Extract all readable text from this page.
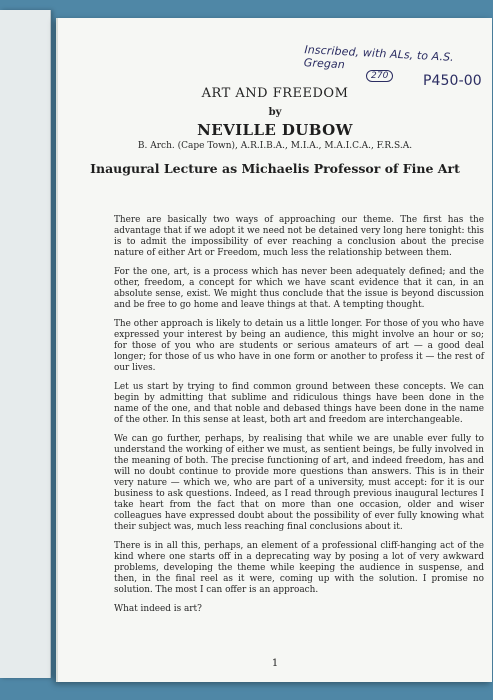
Inscribed, with ALs, to A.S. Gregan
270	P450-00
ART AND FREEDOM
by
NEVILLE DUBOW
B. Arch. (Cape Town), A.R.I.B.A., M.I.A., M.A.I.C.A., F.R.S.A.
Inaugural Lecture as Michaelis Professor of Fine Art

There are basically two ways of approaching our theme. The first has the advantage that if we adopt it we need not be detained very long here tonight: this is to admit the impossibility of ever reaching a conclusion about the precise nature of either Art or Freedom, much less the relationship between them.

For the one, art, is a process which has never been adequately defined; and the other, freedom, a concept for which we have scant evidence that it can, in an absolute sense, exist. We might thus conclude that the issue is beyond discussion and be free to go home and leave things at that. A tempting thought.

The other approach is likely to detain us a little longer. For those of you who have expressed your interest by being an audience, this might involve an hour or so; for those of you who are students or serious amateurs of art — a good deal longer; for those of us who have in one form or another to profess it — the rest of our lives.

Let us start by trying to find common ground between these concepts. We can begin by admitting that sublime and ridiculous things have been done in the name of the one, and that noble and debased things have been done in the name of the other. In this sense at least, both art and freedom are interchangeable.

We can go further, perhaps, by realising that while we are unable ever fully to understand the working of either we must, as sentient beings, be fully involved in the meaning of both. The precise functioning of art, and indeed freedom, has and will no doubt continue to provide more questions than answers. This is in their very nature — which we, who are part of a university, must accept: for it is our business to ask questions. Indeed, as I read through previous inaugural lectures I take heart from the fact that on more than one occasion, older and wiser colleagues have expressed doubt about the possibility of ever fully knowing what their subject was, much less reaching final conclusions about it.

There is in all this, perhaps, an element of a professional cliff-hanging act of the kind where one starts off in a deprecating way by posing a lot of very awkward problems, developing the theme while keeping the audience in suspense, and then, in the final reel as it were, coming up with the solution. I promise no solution. The most I can offer is an approach.

What indeed is art?

1
